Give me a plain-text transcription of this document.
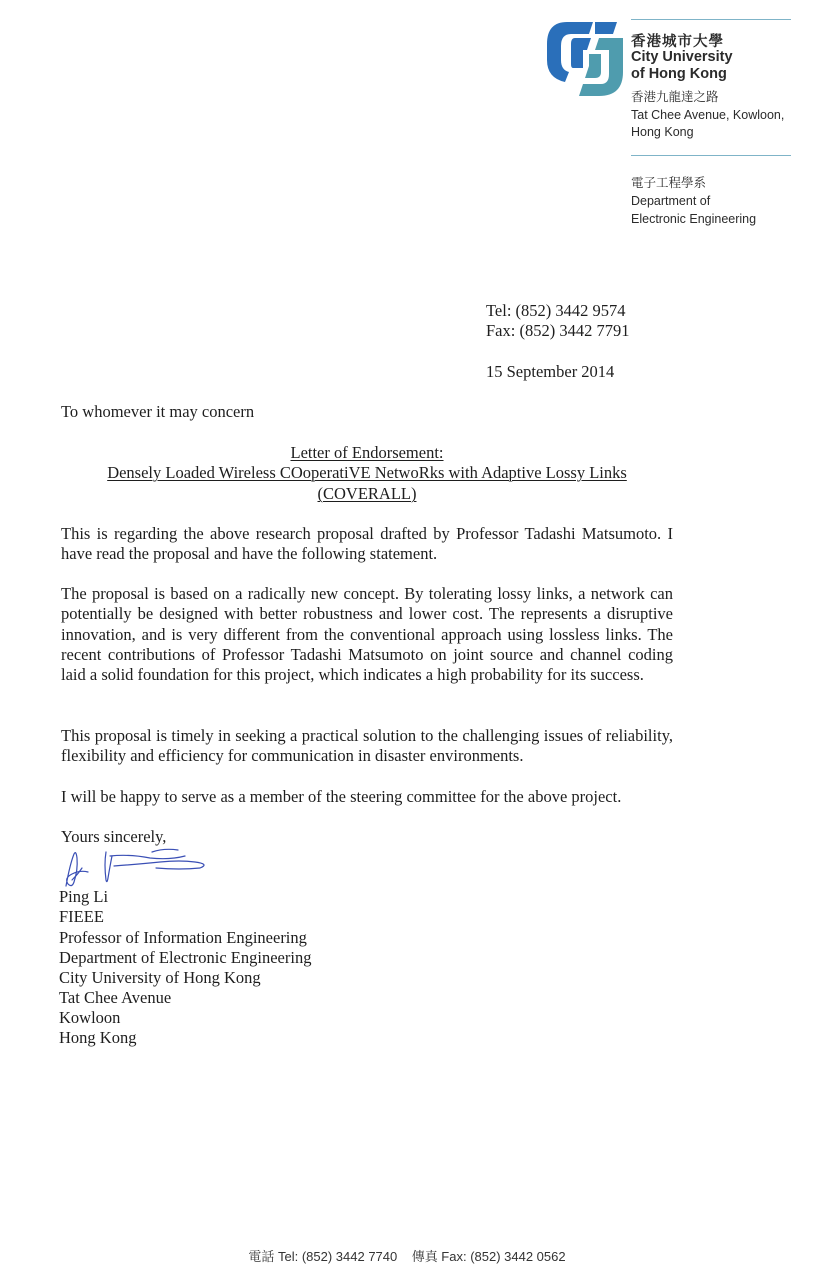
香港城市大學
City University
of Hong Kong
香港九龍達之路
Tat Chee Avenue, Kowloon,
Hong Kong
電子工程學系
Department of
Electronic Engineering
Tel: (852) 3442 9574
Fax: (852) 3442 7791
15 September 2014
To whomever it may concern
Letter of Endorsement:
Densely Loaded Wireless COoperatiVE NetwoRks with Adaptive Lossy Links
(COVERALL)
This is regarding the above research proposal drafted by Professor Tadashi Matsumoto. I have read the proposal and have the following statement.
The proposal is based on a radically new concept. By tolerating lossy links, a network can potentially be designed with better robustness and lower cost. The represents a disruptive innovation, and is very different from the conventional approach using lossless links. The recent contributions of Professor Tadashi Matsumoto on joint source and channel coding laid a solid foundation for this project, which indicates a high probability for its success.
This proposal is timely in seeking a practical solution to the challenging issues of reliability, flexibility and efficiency for communication in disaster environments.
I will be happy to serve as a member of the steering committee for the above project.
Yours sincerely,
Ping Li
FIEEE
Professor of Information Engineering
Department of Electronic Engineering
City University of Hong Kong
Tat Chee Avenue
Kowloon
Hong Kong
電話 Tel: (852) 3442 7740    傳真 Fax: (852) 3442 0562
